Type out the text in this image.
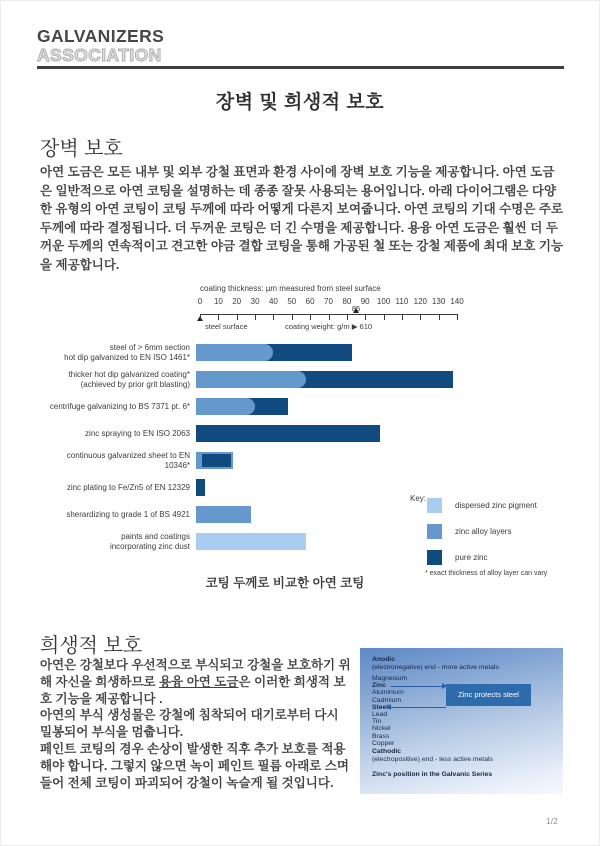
GALVANIZERS
ASSOCIATION
장벽 및 희생적 보호
장벽 보호
아연 도금은 모든 내부 및 외부 강철 표면과 환경 사이에 장벽 보호 기능을 제공합니다. 아연 도금은 일반적으로 아연 코팅을 설명하는 데 종종 잘못 사용되는 용어입니다. 아래 다이어그램은 다양한 유형의 아연 코팅이 코팅 두께에 따라 어떻게 다른지 보여줍니다. 아연 코팅의 기대 수명은 주로 두께에 따라 결정됩니다. 더 두꺼운 코팅은 더 긴 수명을 제공합니다. 용융 아연 도금은 훨씬 더 두꺼운 두께의 연속적이고 견고한 야금 결합 코팅을 통해 가공된 철 또는 강철 제품에 최대 보호 기능을 제공합니다.
coating thickness: µm measured from steel surface
steel surface	coating weight: g/m ▶ 610
0 10 20 30 40 50 60 70 80 90 100 110 120 130 140
85
steel of > 6mm section
hot dip galvanized to EN ISO 1461*
thicker hot dip galvanized coating*
(achieved by prior grit blasting)
centrifuge galvanizing to BS 7371 pt. 6*
zinc spraying to EN ISO 2063
continuous galvanized sheet to EN 10346*
zinc plating to Fe/Zn5 of EN 12329
sherardizing to grade 1 of BS 4921
paints and coatings
incorporating zinc dust
Key:
dispersed zinc pigment
zinc alloy layers
pure zinc
* exact thickness of alloy layer can vary
코팅 두께로 비교한 아연 코팅
희생적 보호
아연은 강철보다 우선적으로 부식되고 강철을 보호하기 위해 자신을 희생하므로 용융 아연 도금은 이러한 희생적 보호 기능을 제공합니다 .
아연의 부식 생성물은 강철에 침착되어 대기로부터 다시 밀봉되어 부식을 멈춥니다.
페인트 코팅의 경우 손상이 발생한 직후 추가 보호를 적용해야 합니다. 그렇지 않으면 녹이 페인트 필름 아래로 스며들어 전체 코팅이 파괴되어 강철이 녹슬게 될 것입니다.
Anodic
(electronegative) end - more active metals
Magnesium
Zinc
Aluminium
Cadmium
Steel
Lead
Tin
Nickel
Brass
Copper
Zinc protects steel
Cathodic
(electropositive) end - less active metals
Zinc's position in the Galvanic Series
1/2
